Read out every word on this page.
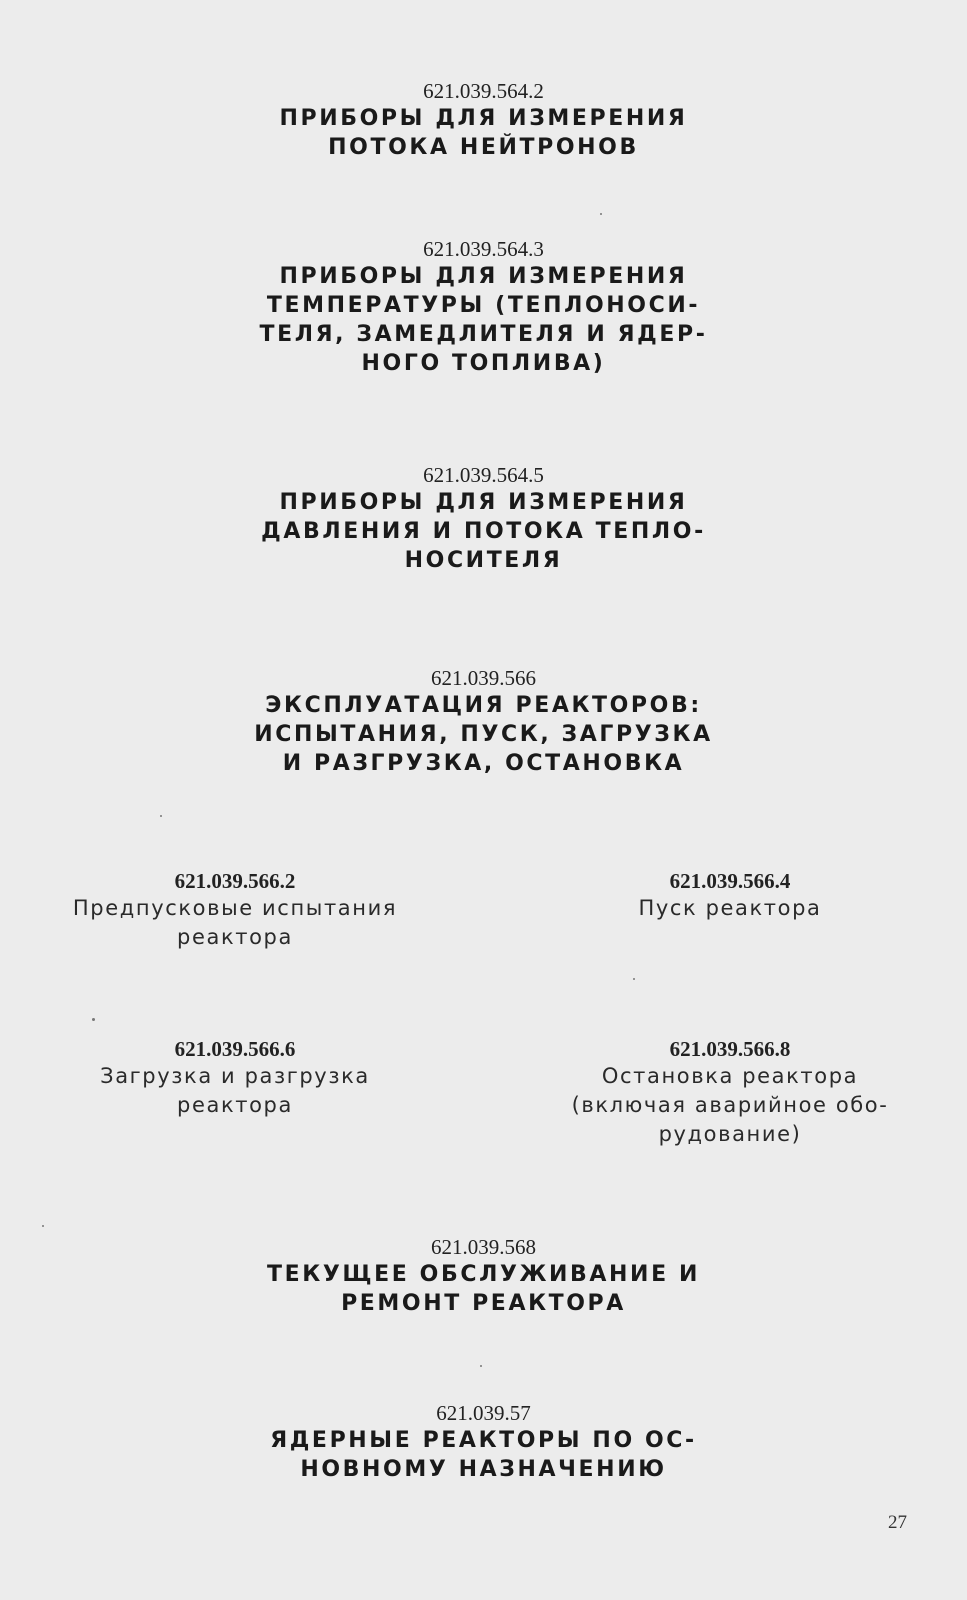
621.039.564.2
ПРИБОРЫ ДЛЯ ИЗМЕРЕНИЯ
ПОТОКА НЕЙТРОНОВ
621.039.564.3
ПРИБОРЫ ДЛЯ ИЗМЕРЕНИЯ
ТЕМПЕРАТУРЫ (ТЕПЛОНОСИ-
ТЕЛЯ, ЗАМЕДЛИТЕЛЯ И ЯДЕР-
НОГО ТОПЛИВА)
621.039.564.5
ПРИБОРЫ ДЛЯ ИЗМЕРЕНИЯ
ДАВЛЕНИЯ И ПОТОКА ТЕПЛО-
НОСИТЕЛЯ
621.039.566
ЭКСПЛУАТАЦИЯ РЕАКТОРОВ:
ИСПЫТАНИЯ, ПУСК, ЗАГРУЗКА
И РАЗГРУЗКА, ОСТАНОВКА
621.039.566.2
Предпусковые испытания
реактора
621.039.566.4
Пуск реактора
621.039.566.6
Загрузка и разгрузка
реактора
621.039.566.8
Остановка реактора
(включая аварийное обо-
рудование)
621.039.568
ТЕКУЩЕЕ ОБСЛУЖИВАНИЕ И
РЕМОНТ РЕАКТОРА
621.039.57
ЯДЕРНЫЕ РЕАКТОРЫ ПО ОС-
НОВНОМУ НАЗНАЧЕНИЮ
27
